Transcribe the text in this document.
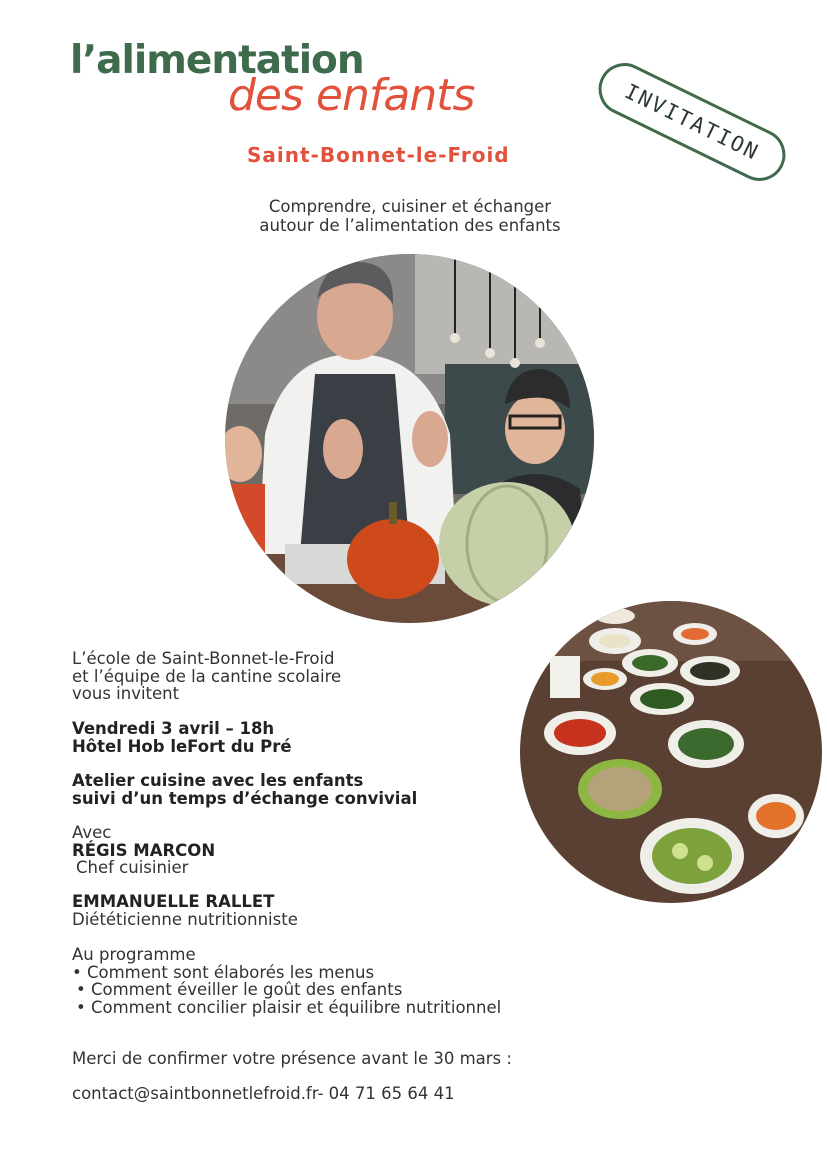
l’alimentation
des enfants
Saint-Bonnet-le-Froid	INVITATION
Comprendre, cuisiner et échanger
autour de l’alimentation des enfants
L’école de Saint-Bonnet-le-Froid
et l’équipe de la cantine scolaire
vous invitent
Vendredi 3 avril – 18h
Hôtel Hob leFort du Pré
Atelier cuisine avec les enfants
suivi d’un temps d’échange convivial
Avec
RÉGIS MARCON
Chef cuisinier
EMMANUELLE RALLET
Diététicienne nutritionniste
Au programme
• Comment sont élaborés les menus
• Comment éveiller le goût des enfants
• Comment concilier plaisir et équilibre nutritionnel
Merci de confirmer votre présence avant le 30 mars :
contact@saintbonnetlefroid.fr- 04 71 65 64 41
